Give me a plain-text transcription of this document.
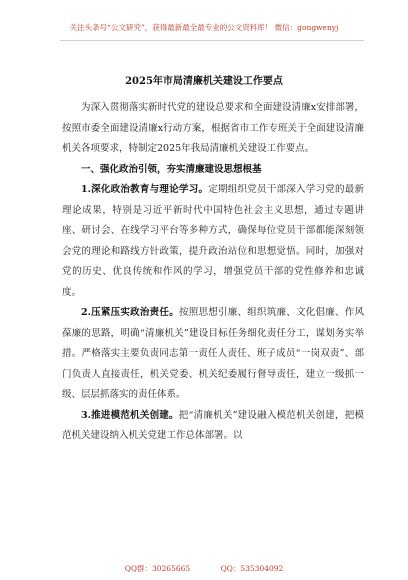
关注头条号“公文研究”，获得最新最全最专业的公文资料库！ 微信：gongwenyj
2025年市局清廉机关建设工作要点

为深入贯彻落实新时代党的建设总要求和全面建设清廉x安排部署，按照市委全面建设清廉x行动方案，根据省市工作专班关于全面建设清廉机关各项要求，特制定2025年我局清廉机关建设工作要点。

一、强化政治引领，夯实清廉建设思想根基

1.深化政治教育与理论学习。定期组织党员干部深入学习党的最新理论成果，特别是习近平新时代中国特色社会主义思想，通过专题讲座、研讨会、在线学习平台等多种方式，确保每位党员干部都能深刻领会党的理论和路线方针政策，提升政治站位和思想觉悟。同时，加强对党的历史、优良传统和作风的学习，增强党员干部的党性修养和忠诚度。

2.压紧压实政治责任。按照思想引廉、组织筑廉、文化倡廉、作风葆廉的思路，明确“清廉机关”建设目标任务细化责任分工，谋划务实举措。严格落实主要负责同志第一责任人责任、班子成员“一岗双责”、部门负责人直接责任，机关党委、机关纪委履行督导责任，建立一级抓一级、层层抓落实的责任体系。

3.推进模范机关创建。把“清廉机关”建设融入模范机关创建，把模范机关建设纳入机关党建工作总体部署。以

QQ群：30265665	QQ：535304092
